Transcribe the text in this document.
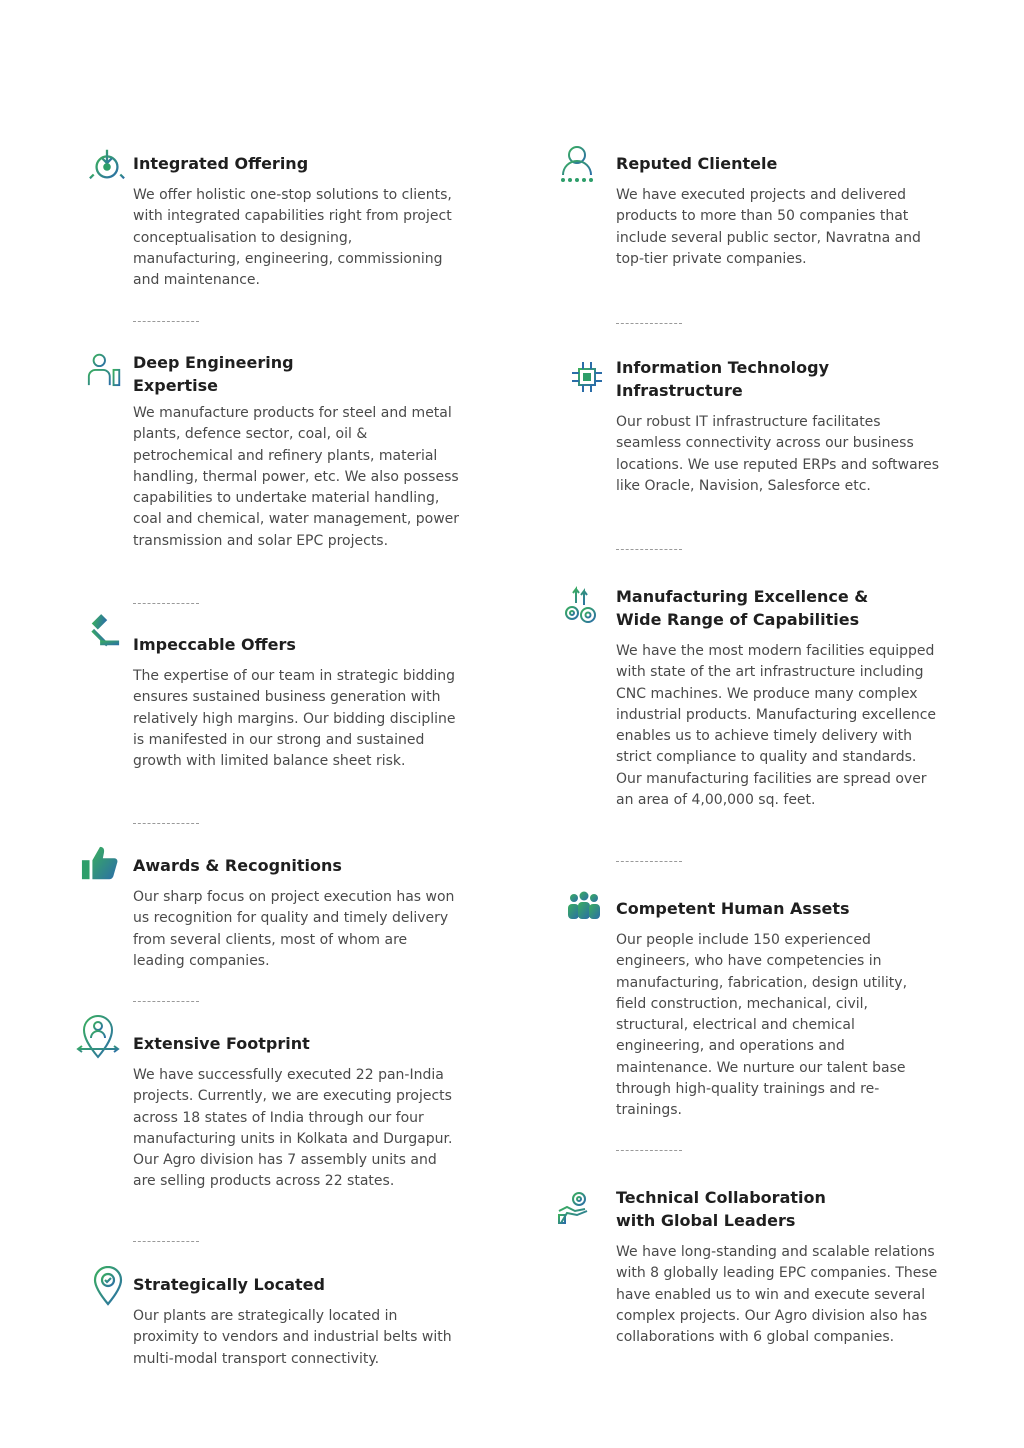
Integrated Offering

We offer holistic one-stop solutions to clients, with integrated capabilities right from project conceptualisation to designing, manufacturing, engineering, commissioning and maintenance.

Deep Engineering Expertise

We manufacture products for steel and metal plants, defence sector, coal, oil & petrochemical and refinery plants, material handling, thermal power, etc. We also possess capabilities to undertake material handling, coal and chemical, water management, power transmission and solar EPC projects.

Impeccable Offers

The expertise of our team in strategic bidding ensures sustained business generation with relatively high margins. Our bidding discipline is manifested in our strong and sustained growth with limited balance sheet risk.

Awards & Recognitions

Our sharp focus on project execution has won us recognition for quality and timely delivery from several clients, most of whom are leading companies.

Extensive Footprint

We have successfully executed 22 pan-India projects. Currently, we are executing projects across 18 states of India through our four manufacturing units in Kolkata and Durgapur. Our Agro division has 7 assembly units and are selling products across 22 states.

Strategically Located

Our plants are strategically located in proximity to vendors and industrial belts with multi-modal transport connectivity.

Reputed Clientele

We have executed projects and delivered products to more than 50 companies that include several public sector, Navratna and top-tier private companies.

Information Technology Infrastructure

Our robust IT infrastructure facilitates seamless connectivity across our business locations. We use reputed ERPs and softwares like Oracle, Navision, Salesforce etc.

Manufacturing Excellence & Wide Range of Capabilities

We have the most modern facilities equipped with state of the art infrastructure including CNC machines. We produce many complex industrial products. Manufacturing excellence enables us to achieve timely delivery with strict compliance to quality and standards. Our manufacturing facilities are spread over an area of 4,00,000 sq. feet.

Competent Human Assets

Our people include 150 experienced engineers, who have competencies in manufacturing, fabrication, design utility, field construction, mechanical, civil, structural, electrical and chemical engineering, and operations and maintenance. We nurture our talent base through high-quality trainings and re-trainings.

Technical Collaboration with Global Leaders

We have long-standing and scalable relations with 8 globally leading EPC companies. These have enabled us to win and execute several complex projects. Our Agro division also has collaborations with 6 global companies.
